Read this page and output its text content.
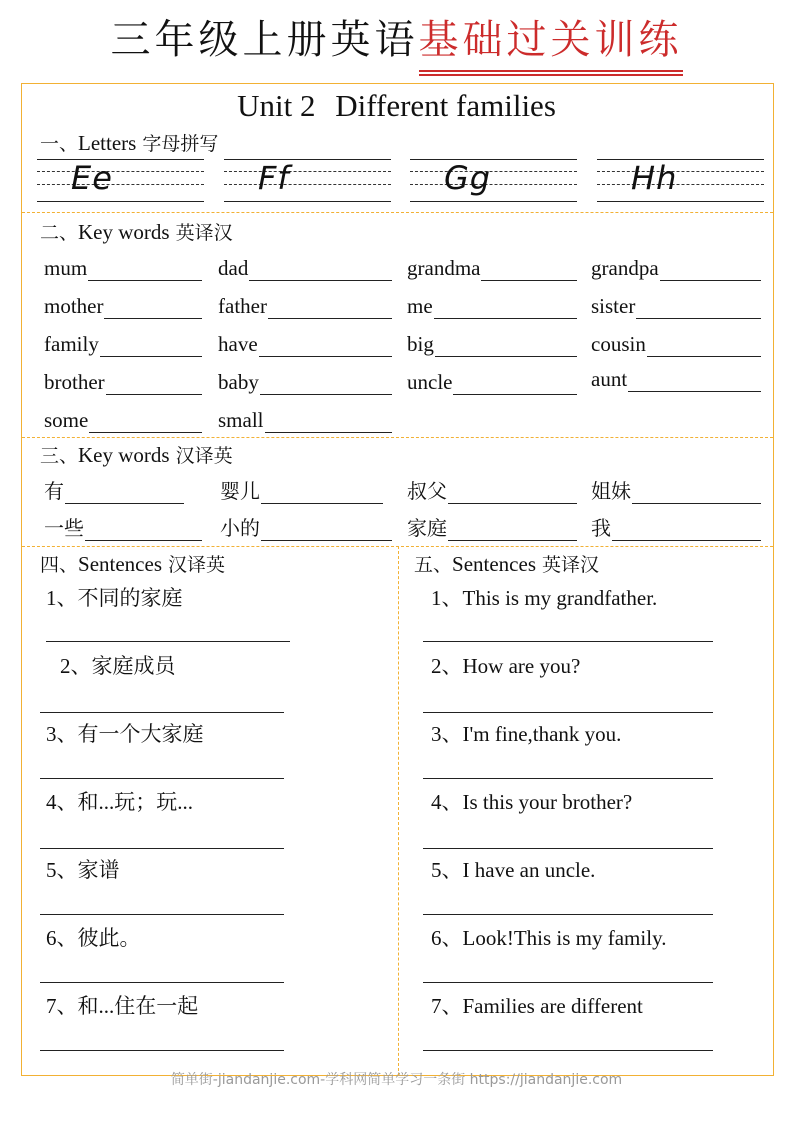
三年级上册英语基础过关训练
Unit 2 Different families
一、Letters 字母拼写
Ee	Ff	Gg	Hh
二、Key words 英译汉
mum	dad	grandma	grandpa
mother	father	me	sister
family	have	big	cousin
brother	baby	uncle	aunt
some	small
三、Key words 汉译英
有	婴儿	叔父	姐妹
一些	小的	家庭	我
四、Sentences 汉译英
1、不同的家庭
2、家庭成员
3、有一个大家庭
4、和...玩；玩...
5、家谱
6、彼此。
7、和...住在一起
五、Sentences 英译汉
1、This is my grandfather.
2、How are you?
3、I'm fine,thank you.
4、Is this your brother?
5、I have an uncle.
6、Look!This is my family.
7、Families are different
简单街-jiandanjie.com-学科网简单学习一条街 https://jiandanjie.com
